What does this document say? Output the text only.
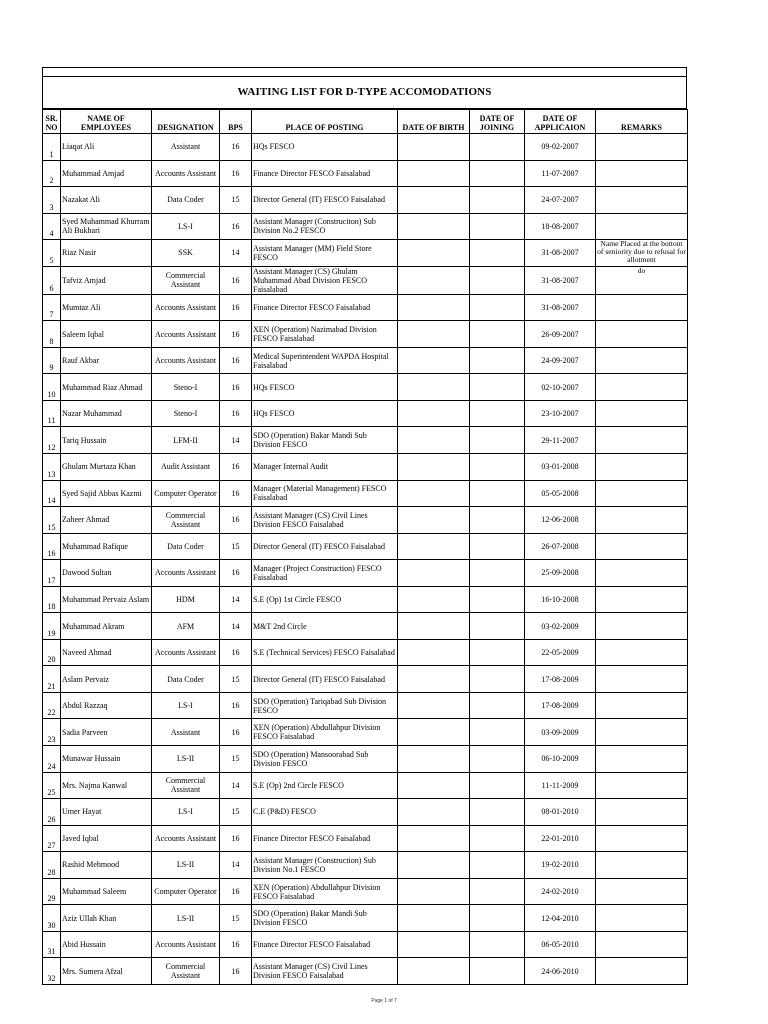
WAITING LIST FOR D-TYPE ACCOMODATIONS
SR. NO	NAME OF EMPLOYEES	DESIGNATION	BPS	PLACE OF POSTING	DATE OF BIRTH	DATE OF JOINING	DATE OF APPLICAION	REMARKS
1	Liaqat Ali	Assistant	16	HQs FESCO			09-02-2007	
2	Muhammad Amjad	Accounts Assistant	16	Finance Director FESCO Faisalabad			11-07-2007	
3	Nazakat Ali	Data Coder	15	Director General (IT) FESCO Faisalabad			24-07-2007	
4	Syed Muhammad Khurram Ali Bukhari	LS-I	16	Assistant Manager (Construciton) Sub Division No.2 FESCO			18-08-2007	
5	Riaz Nasir	SSK	14	Assistant Manager (MM) Field Store FESCO			31-08-2007	Name Placed at the bottom of seniority due to refusal for allotment
6	Tafviz Amjad	Commercial Assistant	16	Assistant Manager (CS) Ghulam Muhammad Abad Division FESCO Faisalabad			31-08-2007	do
7	Mumtaz Ali	Accounts Assistant	16	Finance Director FESCO Faisalabad			31-08-2007	
8	Saleem Iqbal	Accounts Assistant	16	XEN (Operation) Nazimabad Division FESCO Faisalabad			26-09-2007	
9	Rauf Akbar	Accounts Assistant	16	Medical Superintendent WAPDA Hospital Faisalabad			24-09-2007	
10	Muhammad Riaz Ahmad	Steno-I	16	HQs FESCO			02-10-2007	
11	Nazar Muhammad	Steno-I	16	HQs FESCO			23-10-2007	
12	Tariq Hussain	LFM-II	14	SDO (Operation) Bakar Mandi Sub Division FESCO			29-11-2007	
13	Ghulam Murtaza Khan	Audit Assistant	16	Manager Internal Audit			03-01-2008	
14	Syed Sajid Abbas Kazmi	Computer Operator	16	Manager (Material Management) FESCO Faisalabad			05-05-2008	
15	Zaheer Ahmad	Commercial Assistant	16	Assistant Manager (CS) Civil Lines Division FESCO Faisalabad			12-06-2008	
16	Muhammad Rafique	Data Coder	15	Director General (IT) FESCO Faisalabad			26-07-2008	
17	Dawood Sultan	Accounts Assistant	16	Manager (Project Construction) FESCO Faisalabad			25-09-2008	
18	Muhammad Pervaiz Aslam	HDM	14	S.E (Op) 1st Circle FESCO			16-10-2008	
19	Muhammad Akram	AFM	14	M&T 2nd Circle			03-02-2009	
20	Naveed Ahmad	Accounts Assistant	16	S.E (Technical Services) FESCO Faisalabad			22-05-2009	
21	Aslam Pervaiz	Data Coder	15	Director General (IT) FESCO Faisalabad			17-08-2009	
22	Abdul Razzaq	LS-I	16	SDO (Operation) Tariqabad Sub Division FESCO			17-08-2009	
23	Sadia Parveen	Assistant	16	XEN (Operation) Abdullahpur Division FESCO Faisalabad			03-09-2009	
24	Munawar Hussain	LS-II	15	SDO (Operation) Mansoorabad Sub Division FESCO			06-10-2009	
25	Mrs. Najma Kanwal	Commercial Assistant	14	S.E (Op) 2nd Circle FESCO			11-11-2009	
26	Umer Hayat	LS-I	15	C.E (P&D) FESCO			08-01-2010	
27	Javed Iqbal	Accounts Assistant	16	Finance Director FESCO Faisalabad			22-01-2010	
28	Rashid Mehmood	LS-II	14	Assistant Manager (Construction) Sub Division No.1 FESCO			19-02-2010	
29	Muhammad Saleem	Computer Operator	16	XEN (Operation) Abdullahpur Division FESCO Faisalabad			24-02-2010	
30	Aziz Ullah Khan	LS-II	15	SDO (Operation) Bakar Mandi Sub Division FESCO			12-04-2010	
31	Abid Hussain	Accounts Assistant	16	Finance Director FESCO Faisalabad			06-05-2010	
32	Mrs. Sumera Afzal	Commercial Assistant	16	Assistant Manager (CS) Civil Lines Division FESCO Faisalabad			24-06-2010	
Page 1 of 7
